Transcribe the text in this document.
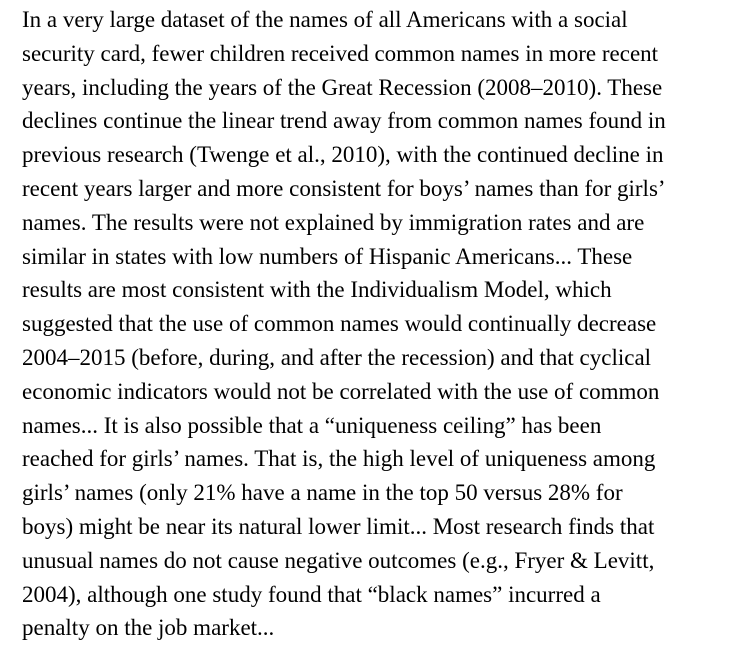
In a very large dataset of the names of all Americans with a social
security card, fewer children received common names in more recent
years, including the years of the Great Recession (2008–2010). These
declines continue the linear trend away from common names found in
previous research (Twenge et al., 2010), with the continued decline in
recent years larger and more consistent for boys’ names than for girls’
names. The results were not explained by immigration rates and are
similar in states with low numbers of Hispanic Americans... These
results are most consistent with the Individualism Model, which
suggested that the use of common names would continually decrease
2004–2015 (before, during, and after the recession) and that cyclical
economic indicators would not be correlated with the use of common
names... It is also possible that a “uniqueness ceiling” has been
reached for girls’ names. That is, the high level of uniqueness among
girls’ names (only 21% have a name in the top 50 versus 28% for
boys) might be near its natural lower limit... Most research finds that
unusual names do not cause negative outcomes (e.g., Fryer & Levitt,
2004), although one study found that “black names” incurred a
penalty on the job market...
